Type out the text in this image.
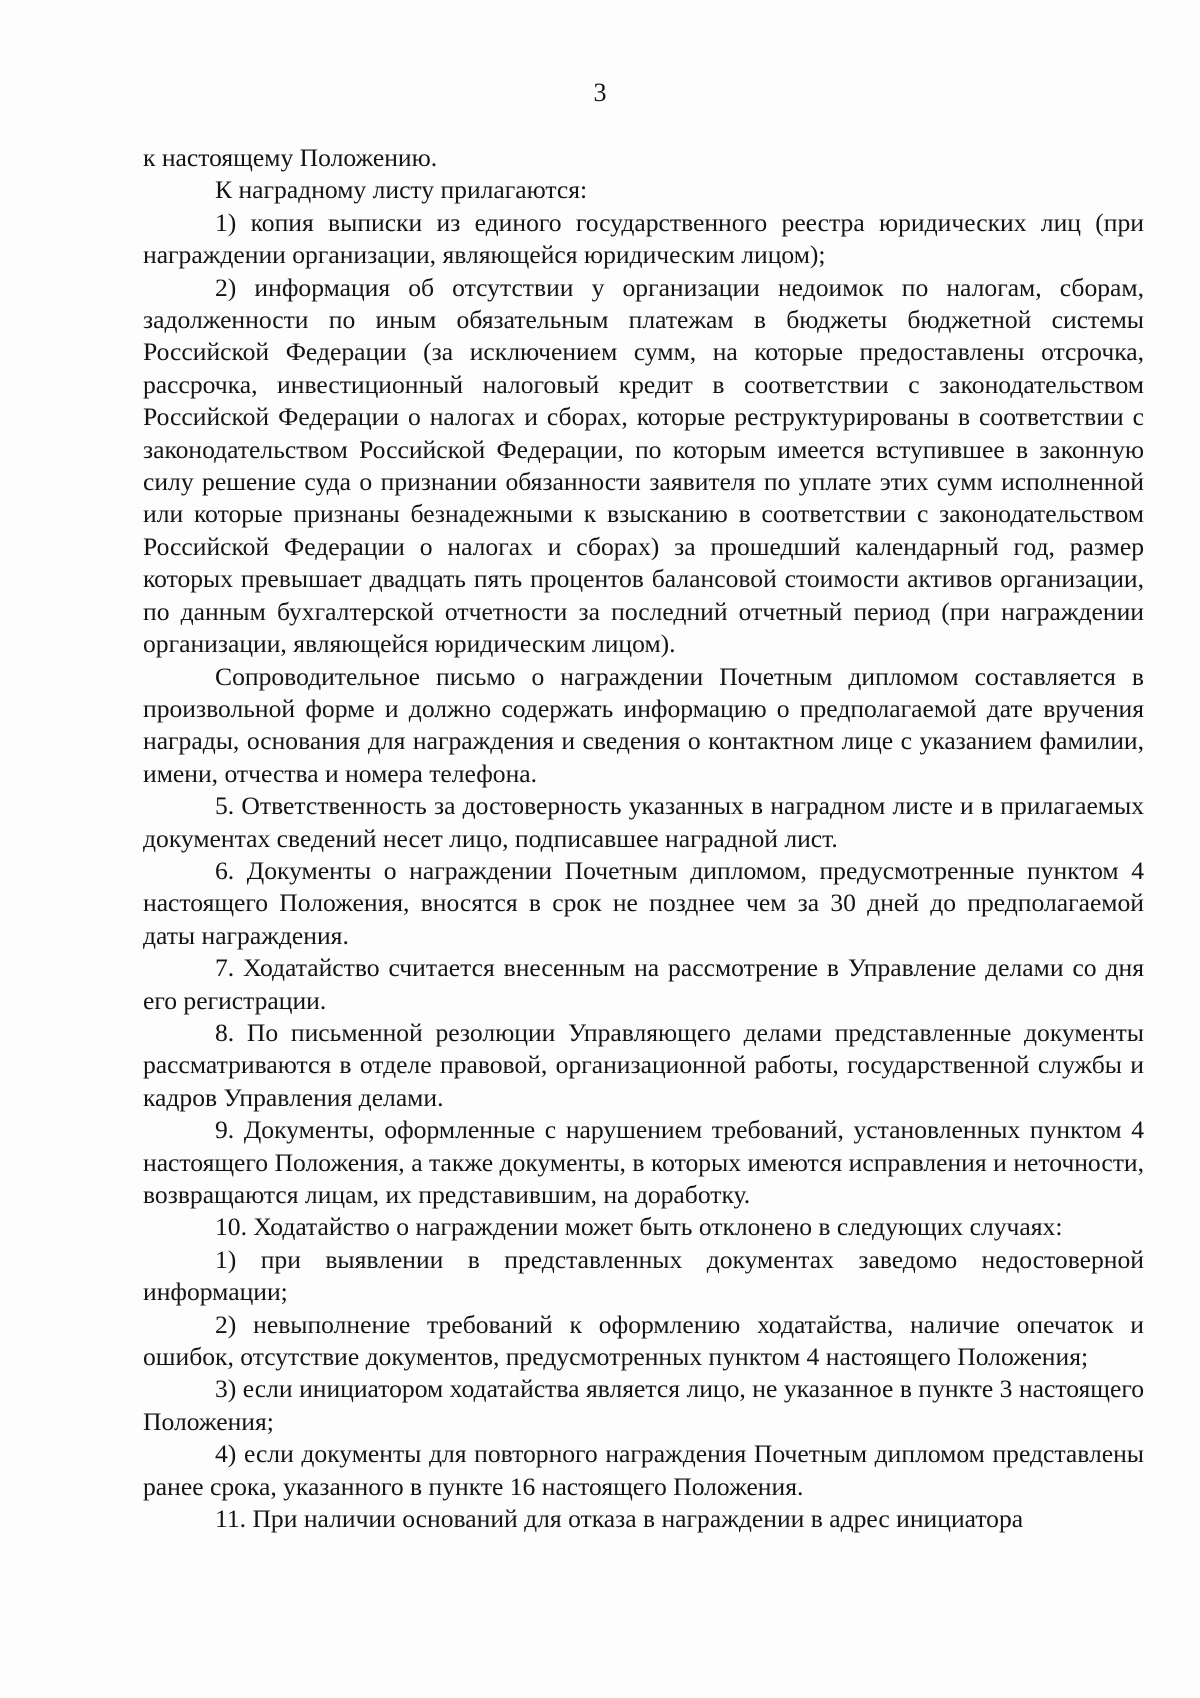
3

к настоящему Положению.

К наградному листу прилагаются:

1) копия выписки из единого государственного реестра юридических лиц (при награждении организации, являющейся юридическим лицом);

2) информация об отсутствии у организации недоимок по налогам, сборам, задолженности по иным обязательным платежам в бюджеты бюджетной системы Российской Федерации (за исключением сумм, на которые предоставлены отсрочка, рассрочка, инвестиционный налоговый кредит в соответствии с законодательством Российской Федерации о налогах и сборах, которые реструктурированы в соответствии с законодательством Российской Федерации, по которым имеется вступившее в законную силу решение суда о признании обязанности заявителя по уплате этих сумм исполненной или которые признаны безнадежными к взысканию в соответствии с законодательством Российской Федерации о налогах и сборах) за прошедший календарный год, размер которых превышает двадцать пять процентов балансовой стоимости активов организации, по данным бухгалтерской отчетности за последний отчетный период (при награждении организации, являющейся юридическим лицом).

Сопроводительное письмо о награждении Почетным дипломом составляется в произвольной форме и должно содержать информацию о предполагаемой дате вручения награды, основания для награждения и сведения о контактном лице с указанием фамилии, имени, отчества и номера телефона.

5. Ответственность за достоверность указанных в наградном листе и в прилагаемых документах сведений несет лицо, подписавшее наградной лист.

6. Документы о награждении Почетным дипломом, предусмотренные пунктом 4 настоящего Положения, вносятся в срок не позднее чем за 30 дней до предполагаемой даты награждения.

7. Ходатайство считается внесенным на рассмотрение в Управление делами со дня его регистрации.

8. По письменной резолюции Управляющего делами представленные документы рассматриваются в отделе правовой, организационной работы, государственной службы и кадров Управления делами.

9. Документы, оформленные с нарушением требований, установленных пунктом 4 настоящего Положения, а также документы, в которых имеются исправления и неточности, возвращаются лицам, их представившим, на доработку.

10. Ходатайство о награждении может быть отклонено в следующих случаях:

1) при выявлении в представленных документах заведомо недостоверной информации;

2) невыполнение требований к оформлению ходатайства, наличие опечаток и ошибок, отсутствие документов, предусмотренных пунктом 4 настоящего Положения;

3) если инициатором ходатайства является лицо, не указанное в пункте 3 настоящего Положения;

4) если документы для повторного награждения Почетным дипломом представлены ранее срока, указанного в пункте 16 настоящего Положения.

11. При наличии оснований для отказа в награждении в адрес инициатора
